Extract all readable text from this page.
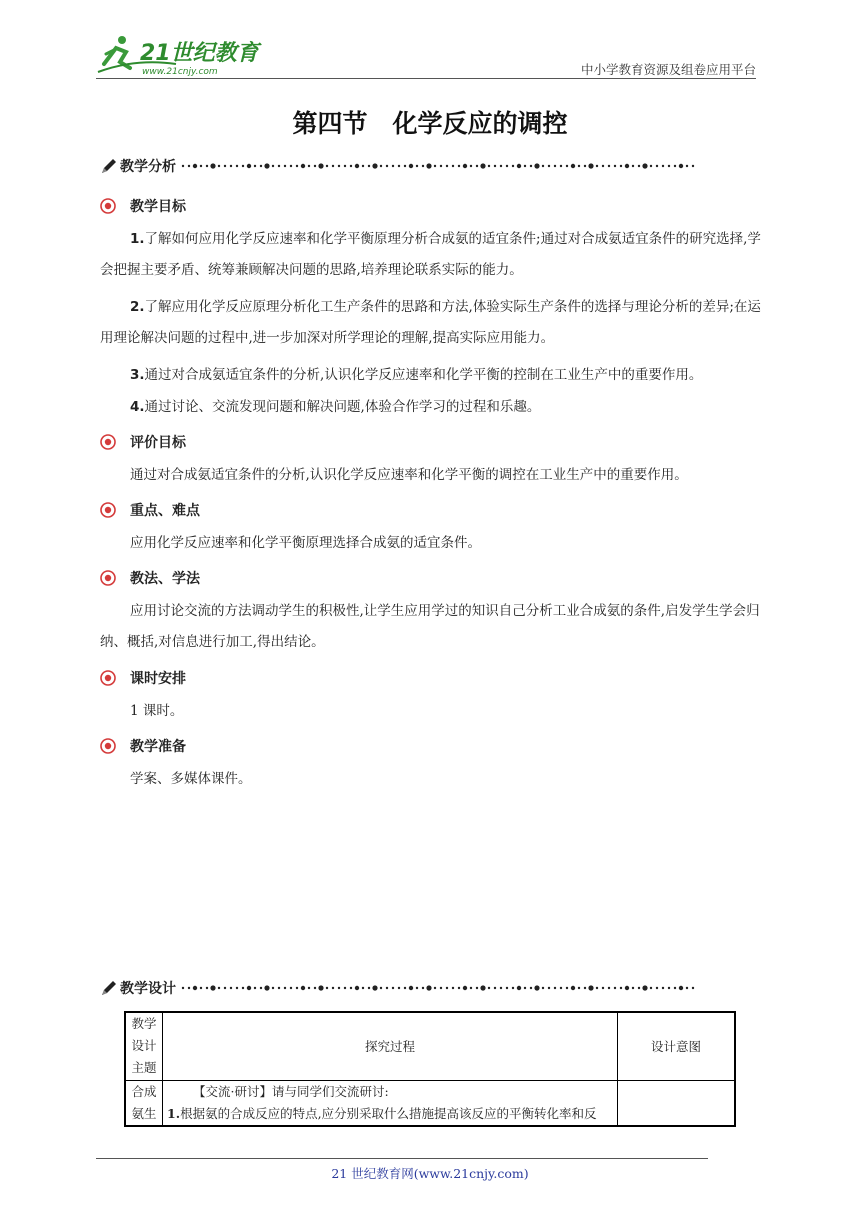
21世纪教育
www.21cnjy.com	中小学教育资源及组卷应用平台
第四节　化学反应的调控
教学分析
教学目标

1.了解如何应用化学反应速率和化学平衡原理分析合成氨的适宜条件;通过对合成氨适宜条件的研究选择,学会把握主要矛盾、统筹兼顾解决问题的思路,培养理论联系实际的能力。

2.了解应用化学反应原理分析化工生产条件的思路和方法,体验实际生产条件的选择与理论分析的差异;在运用理论解决问题的过程中,进一步加深对所学理论的理解,提高实际应用能力。

3.通过对合成氨适宜条件的分析,认识化学反应速率和化学平衡的控制在工业生产中的重要作用。

4.通过讨论、交流发现问题和解决问题,体验合作学习的过程和乐趣。

评价目标

通过对合成氨适宜条件的分析,认识化学反应速率和化学平衡的调控在工业生产中的重要作用。

重点、难点

应用化学反应速率和化学平衡原理选择合成氨的适宜条件。

教法、学法

应用讨论交流的方法调动学生的积极性,让学生应用学过的知识自己分析工业合成氨的条件,启发学生学会归纳、概括,对信息进行加工,得出结论。

课时安排

1 课时。

教学准备

学案、多媒体课件。

教学设计
教学设计主题	探究过程	设计意图
合成氨生	【交流·研讨】请与同学们交流研讨:
1.根据氨的合成反应的特点,应分别采取什么措施提高该反应的平衡转化率和反	

21 世纪教育网(www.21cnjy.com)
